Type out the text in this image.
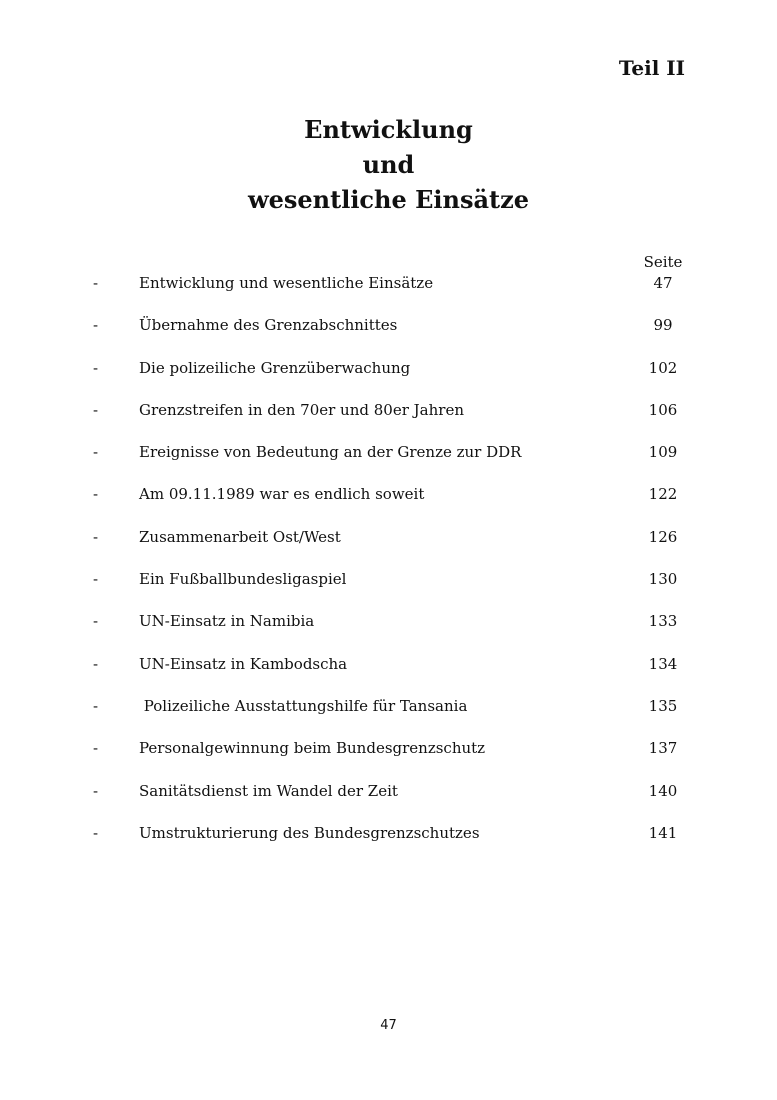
Teil II
Entwicklung
und
wesentliche Einsätze
Seite
-	Entwicklung und wesentliche Einsätze	47
-	Übernahme des Grenzabschnittes	99
-	Die polizeiliche Grenzüberwachung	102
-	Grenzstreifen in den 70er und 80er Jahren	106
-	Ereignisse von Bedeutung an der Grenze zur DDR	109
-	Am 09.11.1989 war es endlich soweit	122
-	Zusammenarbeit Ost/West	126
-	Ein Fußballbundesligaspiel	130
-	UN-Einsatz in Namibia	133
-	UN-Einsatz in Kambodscha	134
-	Polizeiliche Ausstattungshilfe für Tansania	135
-	Personalgewinnung beim Bundesgrenzschutz	137
-	Sanitätsdienst im Wandel der Zeit	140
-	Umstrukturierung des Bundesgrenzschutzes	141
47
